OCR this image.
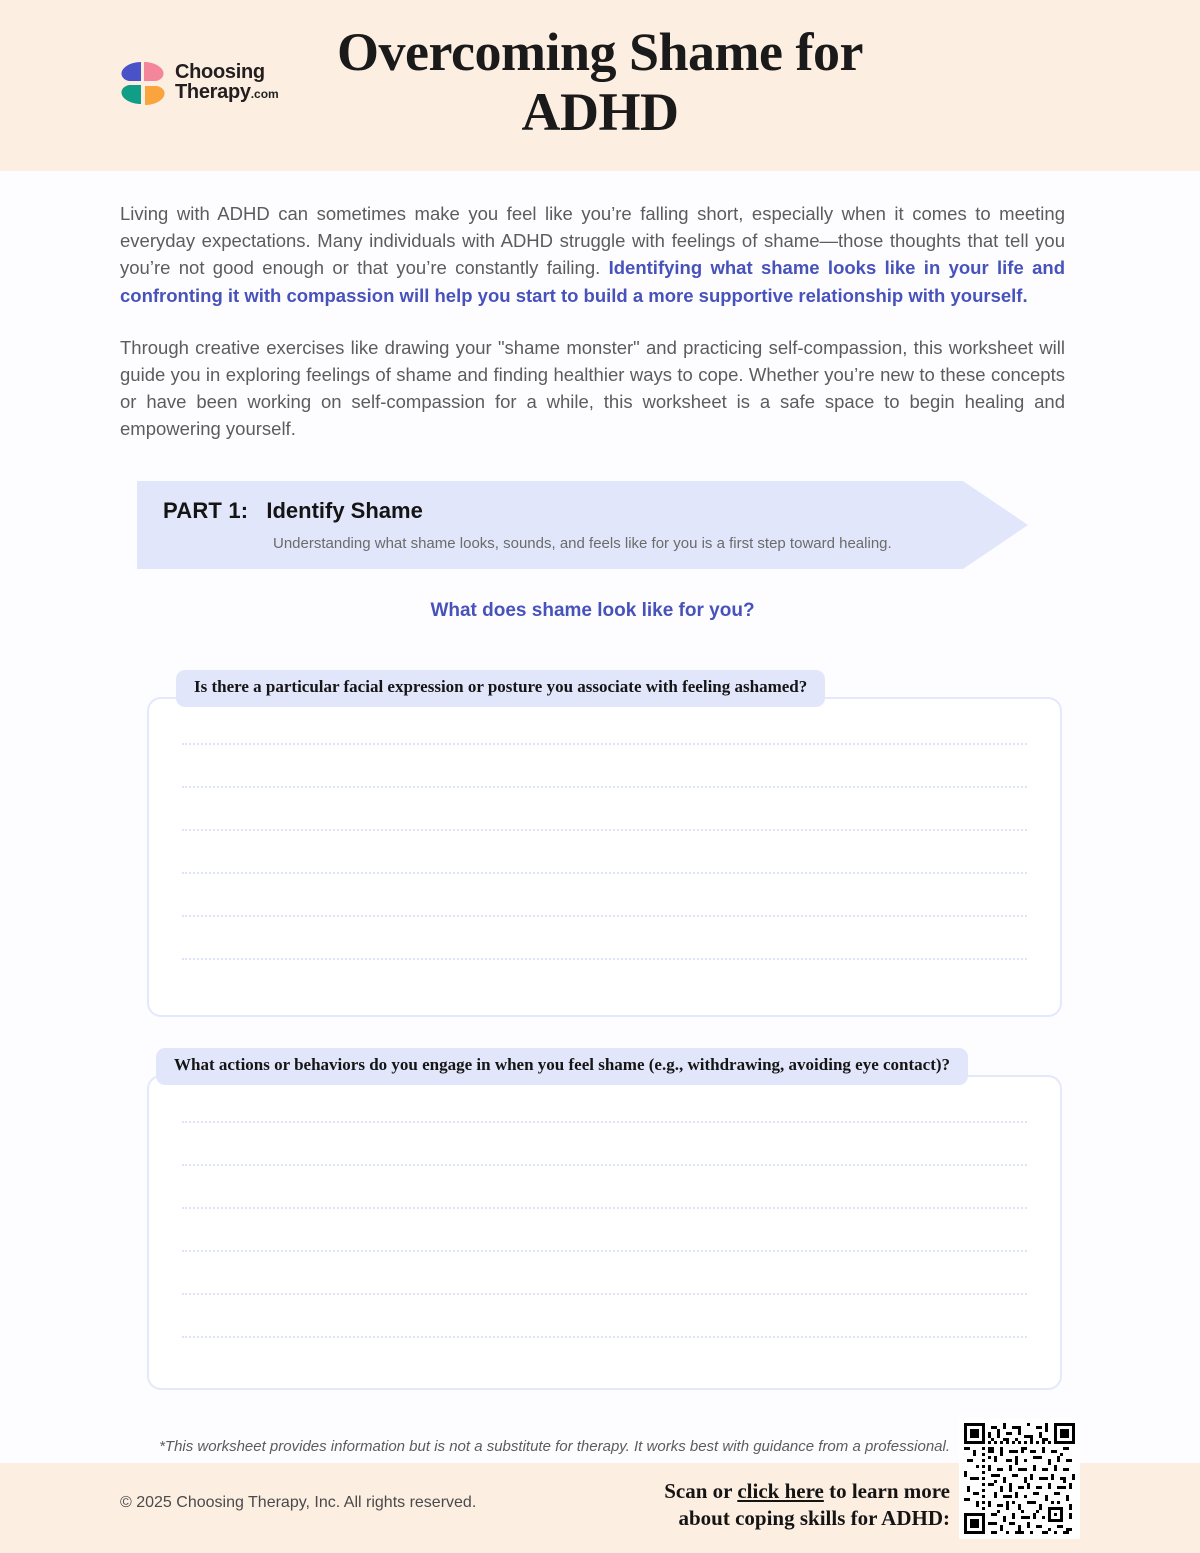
Choosing
Therapy.com
Overcoming Shame for ADHD

Living with ADHD can sometimes make you feel like you’re falling short, especially when it comes to meeting everyday expectations. Many individuals with ADHD struggle with feelings of shame—those thoughts that tell you you’re not good enough or that you’re constantly failing. Identifying what shame looks like in your life and confronting it with compassion will help you start to build a more supportive relationship with yourself.

Through creative exercises like drawing your "shame monster" and practicing self-compassion, this worksheet will guide you in exploring feelings of shame and finding healthier ways to cope. Whether you’re new to these concepts or have been working on self-compassion for a while, this worksheet is a safe space to begin healing and empowering yourself.

PART 1: Identify Shame
Understanding what shame looks, sounds, and feels like for you is a first step toward healing.
What does shame look like for you?
Is there a particular facial expression or posture you associate with feeling ashamed?
What actions or behaviors do you engage in when you feel shame (e.g., withdrawing, avoiding eye contact)?
*This worksheet provides information but is not a substitute for therapy. It works best with guidance from a professional.
© 2025 Choosing Therapy, Inc. All rights reserved.	Scan or click here to learn more
about coping skills for ADHD:
